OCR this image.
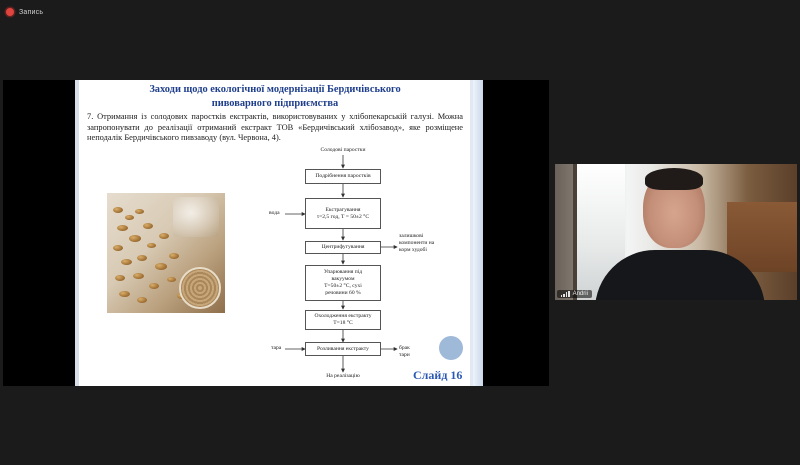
Запись
Заходи щодо екологічної модернізації Бердичівського
пивоварного підприємства
7. Отримання із солодових паростків екстрактів, використовуваних у хлібопекарській галузі. Можна запропонувати до реалізації отриманий екстракт ТОВ «Бердичівський хлібозавод», яке розміщене неподалік Бердичівського пивзаводу (вул. Червона, 4).
Солодові паростки
Подрібнення паростків
Екстрагування
τ=2,5 год, T = 50±2 °С
Центрифугування
Упарювання під
вакуумом
T=50±2 °С, сухі
речовини 60 %
Охолодження екстракту
T=18 °С
Розливання екстракту
вода
тара
залишкові
компоненти на
корм худобі
брак тари
На реалізацію	Слайд 16
Andrii
